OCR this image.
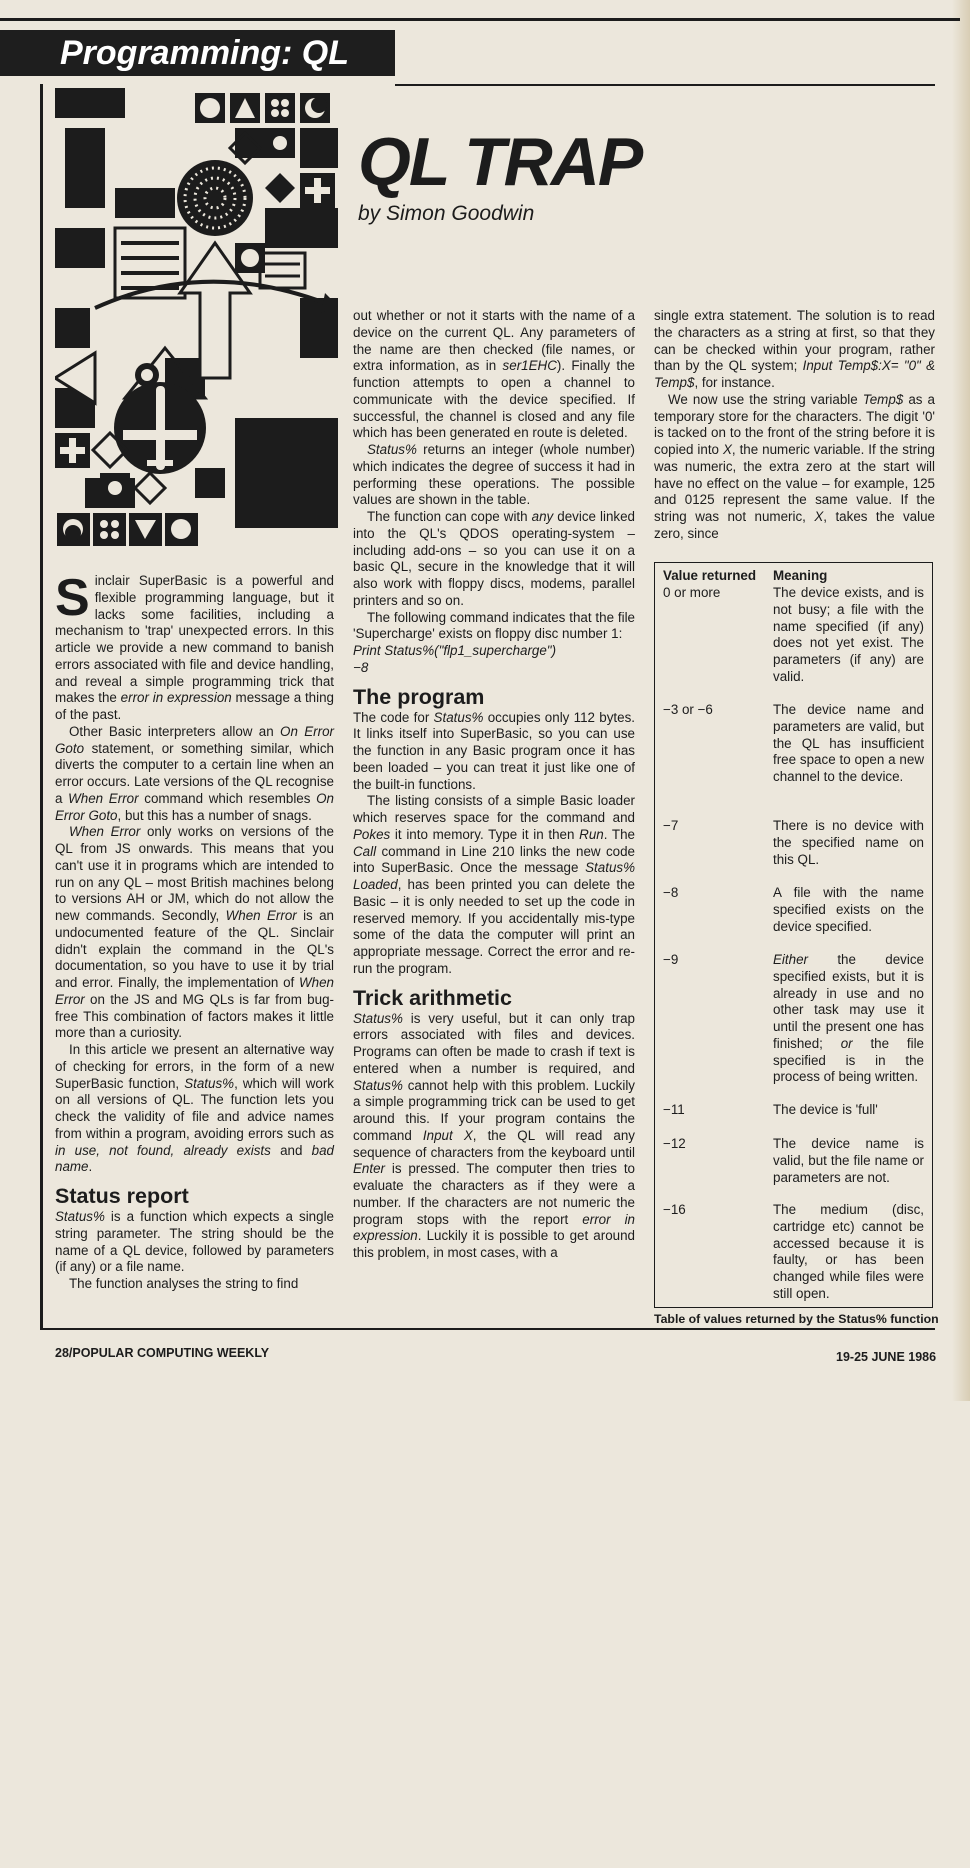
Programming: QL
QL TRAP
by Simon Goodwin

Sinclair SuperBasic is a powerful and flexible programming language, but it lacks some facilities, including a mechanism to 'trap' unexpected errors. In this article we provide a new command to banish errors associated with file and device handling, and reveal a simple programming trick that makes the error in expression message a thing of the past.

Other Basic interpreters allow an On Error Goto statement, or something similar, which diverts the computer to a certain line when an error occurs. Late versions of the QL recognise a When Error command which resembles On Error Goto, but this has a number of snags.

When Error only works on versions of the QL from JS onwards. This means that you can't use it in programs which are intended to run on any QL – most British machines belong to versions AH or JM, which do not allow the new commands. Secondly, When Error is an undocumented feature of the QL. Sinclair didn't explain the command in the QL's documentation, so you have to use it by trial and error. Finally, the implementation of When Error on the JS and MG QLs is far from bug-free This combination of factors makes it little more than a curiosity.

In this article we present an alternative way of checking for errors, in the form of a new SuperBasic function, Status%, which will work on all versions of QL. The function lets you check the validity of file and advice names from within a program, avoiding errors such as in use, not found, already exists and bad name.

Status report

Status% is a function which expects a single string parameter. The string should be the name of a QL device, followed by parameters (if any) or a file name.

The function analyses the string to find

out whether or not it starts with the name of a device on the current QL. Any parameters of the name are then checked (file names, or extra information, as in ser1EHC). Finally the function attempts to open a channel to communicate with the device specified. If successful, the channel is closed and any file which has been generated en route is deleted.

Status% returns an integer (whole number) which indicates the degree of success it had in performing these operations. The possible values are shown in the table.

The function can cope with any device linked into the QL's QDOS operating-system – including add-ons – so you can use it on a basic QL, secure in the knowledge that it will also work with floppy discs, modems, parallel printers and so on.

The following command indicates that the file 'Supercharge' exists on floppy disc number 1:

Print Status%("flp1_supercharge")

−8

The program

The code for Status% occupies only 112 bytes. It links itself into SuperBasic, so you can use the function in any Basic program once it has been loaded – you can treat it just like one of the built-in functions.

The listing consists of a simple Basic loader which reserves space for the command and Pokes it into memory. Type it in then Run. The Call command in Line 210 links the new code into SuperBasic. Once the message Status% Loaded, has been printed you can delete the Basic – it is only needed to set up the code in reserved memory. If you accidentally mis-type some of the data the computer will print an appropriate message. Correct the error and re-run the program.

Trick arithmetic

Status% is very useful, but it can only trap errors associated with files and devices. Programs can often be made to crash if text is entered when a number is required, and Status% cannot help with this problem. Luckily a simple programming trick can be used to get around this. If your program contains the command Input X, the QL will read any sequence of characters from the keyboard until Enter is pressed. The computer then tries to evaluate the characters as if they were a number. If the characters are not numeric the program stops with the report error in expression. Luckily it is possible to get around this problem, in most cases, with a

single extra statement. The solution is to read the characters as a string at first, so that they can be checked within your program, rather than by the QL system; Input Temp$:X= "0" & Temp$, for instance.

We now use the string variable Temp$ as a temporary store for the characters. The digit '0' is tacked on to the front of the string before it is copied into X, the numeric variable. If the string was numeric, the extra zero at the start will have no effect on the value – for example, 125 and 0125 represent the same value. If the string was not numeric, X, takes the value zero, since

Value returned Meaning
0 or more	The device exists, and is not busy; a file with the name specified (if any) does not yet exist. The parameters (if any) are valid.
−3 or −6	The device name and parameters are valid, but the QL has insufficient free space to open a new channel to the device.
−7	There is no device with the specified name on this QL.
−8	A file with the name specified exists on the device specified.
−9	Either the device specified exists, but it is already in use and no other task may use it until the present one has finished; or the file specified is in the process of being written.
−11	The device is 'full'
−12	The device name is valid, but the file name or parameters are not.
−16	The medium (disc, cartridge etc) cannot be accessed because it is faulty, or has been changed while files were still open.
Table of values returned by the Status% function
28/POPULAR COMPUTING WEEKLY	19-25 JUNE 1986
